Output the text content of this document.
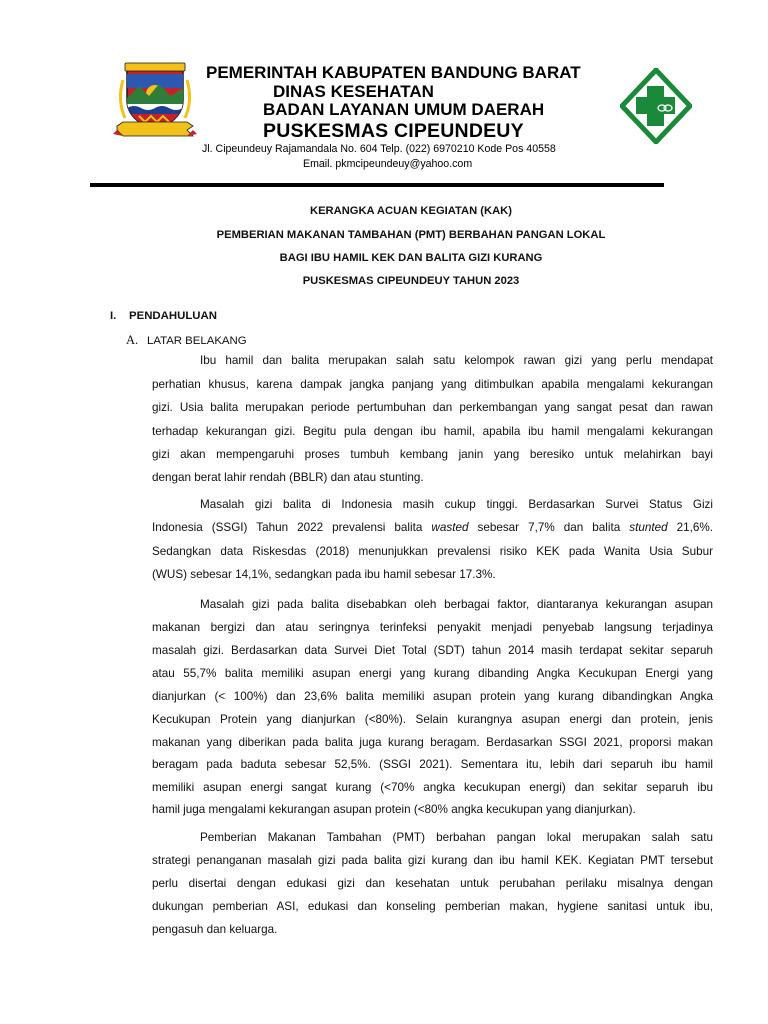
PEMERINTAH KABUPATEN BANDUNG BARAT
DINAS KESEHATAN
BADAN LAYANAN UMUM DAERAH
PUSKESMAS CIPEUNDEUY
Jl. Cipeundeuy Rajamandala No. 604 Telp. (022) 6970210 Kode Pos 40558
Email. pkmcipeundeuy@yahoo.com
KERANGKA ACUAN KEGIATAN (KAK)
PEMBERIAN MAKANAN TAMBAHAN (PMT) BERBAHAN PANGAN LOKAL
BAGI IBU HAMIL KEK DAN BALITA GIZI KURANG
PUSKESMAS CIPEUNDEUY TAHUN 2023
I. PENDAHULUAN
A. LATAR BELAKANG
Ibu hamil dan balita merupakan salah satu kelompok rawan gizi yang perlu mendapat
perhatian khusus, karena dampak jangka panjang yang ditimbulkan apabila mengalami kekurangan
gizi. Usia balita merupakan periode pertumbuhan dan perkembangan yang sangat pesat dan rawan
terhadap kekurangan gizi. Begitu pula dengan ibu hamil, apabila ibu hamil mengalami kekurangan
gizi akan mempengaruhi proses tumbuh kembang janin yang beresiko untuk melahirkan bayi
dengan berat lahir rendah (BBLR) dan atau stunting.
Masalah gizi balita di Indonesia masih cukup tinggi. Berdasarkan Survei Status Gizi
Indonesia (SSGI) Tahun 2022 prevalensi balita wasted sebesar 7,7% dan balita stunted 21,6%.
Sedangkan data Riskesdas (2018) menunjukkan prevalensi risiko KEK pada Wanita Usia Subur
(WUS) sebesar 14,1%, sedangkan pada ibu hamil sebesar 17.3%.
Masalah gizi pada balita disebabkan oleh berbagai faktor, diantaranya kekurangan asupan
makanan bergizi dan atau seringnya terinfeksi penyakit menjadi penyebab langsung terjadinya
masalah gizi. Berdasarkan data Survei Diet Total (SDT) tahun 2014 masih terdapat sekitar separuh
atau 55,7% balita memiliki asupan energi yang kurang dibanding Angka Kecukupan Energi yang
dianjurkan (< 100%) dan 23,6% balita memiliki asupan protein yang kurang dibandingkan Angka
Kecukupan Protein yang dianjurkan (<80%). Selain kurangnya asupan energi dan protein, jenis
makanan yang diberikan pada balita juga kurang beragam. Berdasarkan SSGI 2021, proporsi makan
beragam pada baduta sebesar 52,5%. (SSGI 2021). Sementara itu, lebih dari separuh ibu hamil
memiliki asupan energi sangat kurang (<70% angka kecukupan energi) dan sekitar separuh ibu
hamil juga mengalami kekurangan asupan protein (<80% angka kecukupan yang dianjurkan).
Pemberian Makanan Tambahan (PMT) berbahan pangan lokal merupakan salah satu
strategi penanganan masalah gizi pada balita gizi kurang dan ibu hamil KEK. Kegiatan PMT tersebut
perlu disertai dengan edukasi gizi dan kesehatan untuk perubahan perilaku misalnya dengan
dukungan pemberian ASI, edukasi dan konseling pemberian makan, hygiene sanitasi untuk ibu,
pengasuh dan keluarga.
